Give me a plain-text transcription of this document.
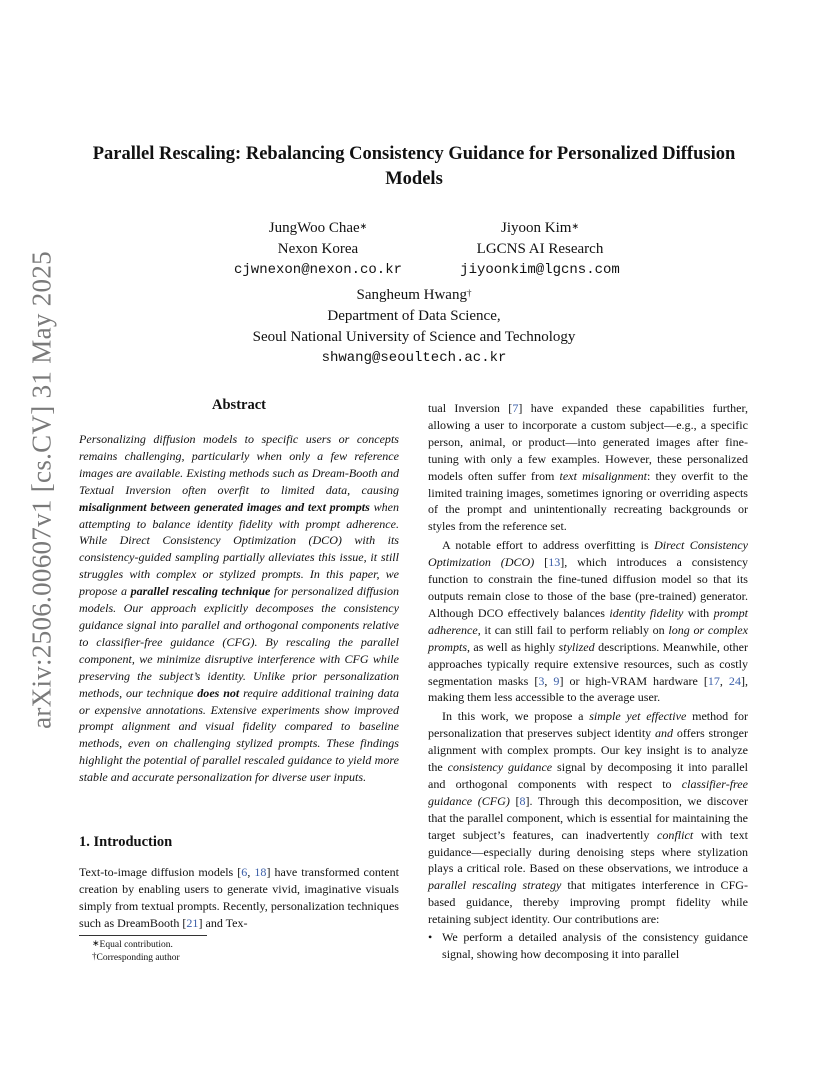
arXiv:2506.00607v1 [cs.CV] 31 May 2025
Parallel Rescaling: Rebalancing Consistency Guidance for Personalized Diffusion Models
JungWoo Chae∗
Nexon Korea
cjwnexon@nexon.co.kr
Jiyoon Kim∗
LGCNS AI Research
jiyoonkim@lgcns.com
Sangheum Hwang†
Department of Data Science,
Seoul National University of Science and Technology
shwang@seoultech.ac.kr
Abstract

Personalizing diffusion models to specific users or concepts remains challenging, particularly when only a few reference images are available. Existing methods such as Dream-Booth and Textual Inversion often overfit to limited data, causing misalignment between generated images and text prompts when attempting to balance identity fidelity with prompt adherence. While Direct Consistency Optimization (DCO) with its consistency-guided sampling partially alleviates this issue, it still struggles with complex or stylized prompts. In this paper, we propose a parallel rescaling technique for personalized diffusion models. Our approach explicitly decomposes the consistency guidance signal into parallel and orthogonal components relative to classifier-free guidance (CFG). By rescaling the parallel component, we minimize disruptive interference with CFG while preserving the subject’s identity. Unlike prior personalization methods, our technique does not require additional training data or expensive annotations. Extensive experiments show improved prompt alignment and visual fidelity compared to baseline methods, even on challenging stylized prompts. These findings highlight the potential of parallel rescaled guidance to yield more stable and accurate personalization for diverse user inputs.

1. Introduction

Text-to-image diffusion models [6, 18] have transformed content creation by enabling users to generate vivid, imaginative visuals simply from textual prompts. Recently, personalization techniques such as DreamBooth [21] and Tex-

∗Equal contribution.
†Corresponding author

tual Inversion [7] have expanded these capabilities further, allowing a user to incorporate a custom subject—e.g., a specific person, animal, or product—into generated images after fine-tuning with only a few examples. However, these personalized models often suffer from text misalignment: they overfit to the limited training images, sometimes ignoring or overriding aspects of the prompt and unintentionally recreating backgrounds or styles from the reference set.

A notable effort to address overfitting is Direct Consistency Optimization (DCO) [13], which introduces a consistency function to constrain the fine-tuned diffusion model so that its outputs remain close to those of the base (pre-trained) generator. Although DCO effectively balances identity fidelity with prompt adherence, it can still fail to perform reliably on long or complex prompts, as well as highly stylized descriptions. Meanwhile, other approaches typically require extensive resources, such as costly segmentation masks [3, 9] or high-VRAM hardware [17, 24], making them less accessible to the average user.

In this work, we propose a simple yet effective method for personalization that preserves subject identity and offers stronger alignment with complex prompts. Our key insight is to analyze the consistency guidance signal by decomposing it into parallel and orthogonal components with respect to classifier-free guidance (CFG) [8]. Through this decomposition, we discover that the parallel component, which is essential for maintaining the target subject’s features, can inadvertently conflict with text guidance—especially during denoising steps where stylization plays a critical role. Based on these observations, we introduce a parallel rescaling strategy that mitigates interference in CFG-based guidance, thereby improving prompt fidelity while retaining subject identity. Our contributions are:

• We perform a detailed analysis of the consistency guidance signal, showing how decomposing it into parallel
